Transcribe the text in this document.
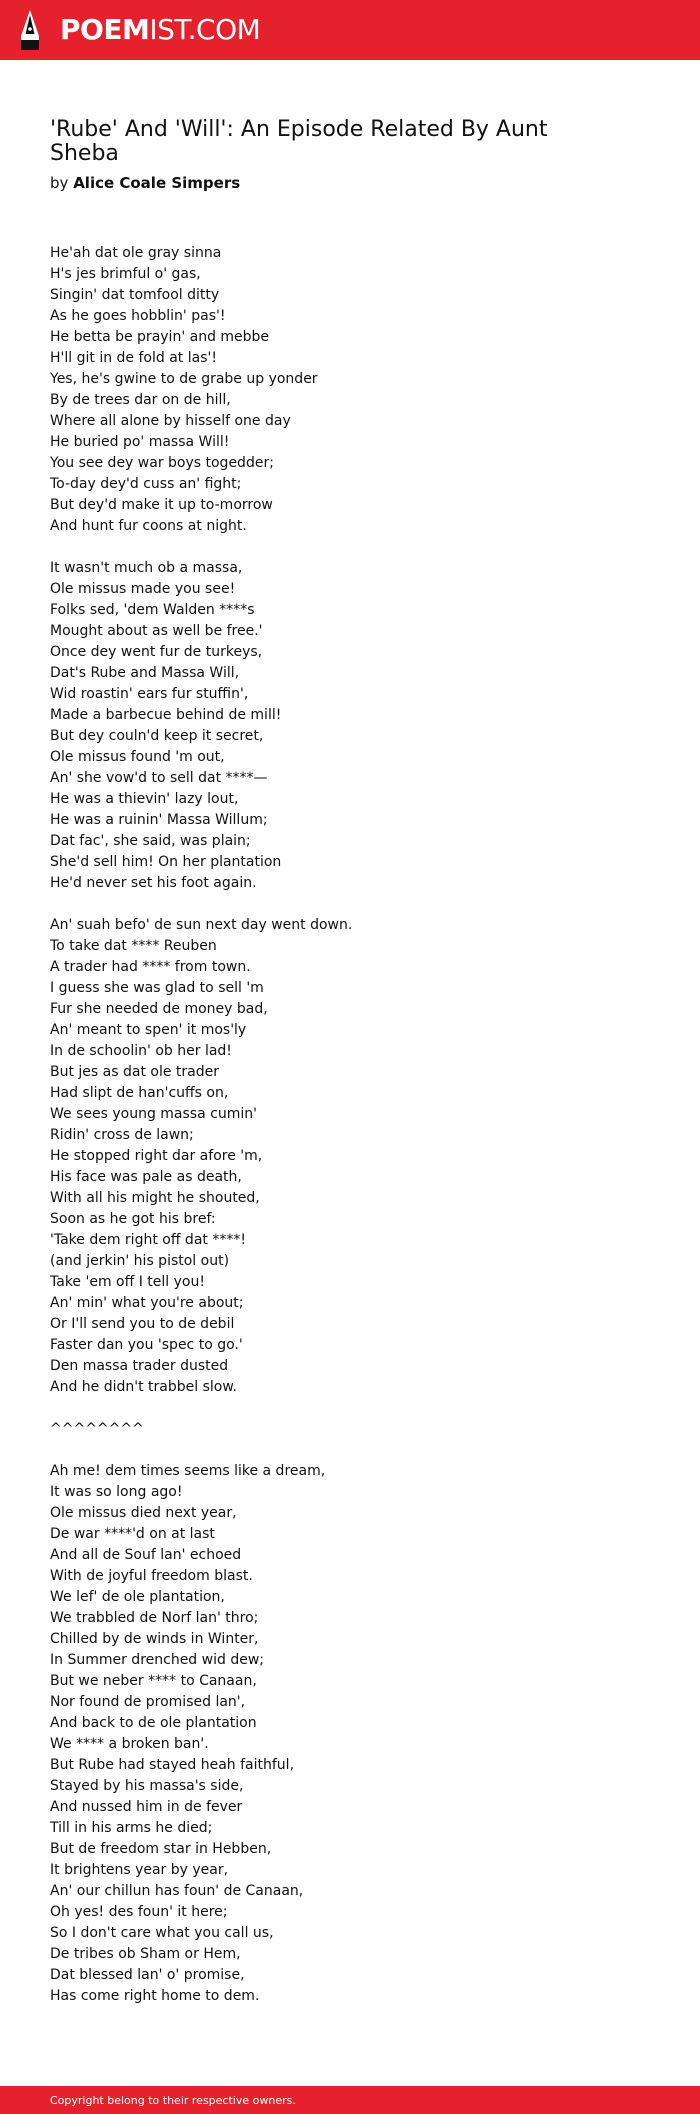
POEMIST.COM
'Rube' And 'Will': An Episode Related By Aunt Sheba
by Alice Coale Simpers
He'ah dat ole gray sinna
H's jes brimful o' gas,
Singin' dat tomfool ditty
As he goes hobblin' pas'!
He betta be prayin' and mebbe
H'll git in de fold at las'!
Yes, he's gwine to de grabe up yonder
By de trees dar on de hill,
Where all alone by hisself one day
He buried po' massa Will!
You see dey war boys togedder;
To-day dey'd cuss an' fight;
But dey'd make it up to-morrow
And hunt fur coons at night.
It wasn't much ob a massa,
Ole missus made you see!
Folks sed, 'dem Walden ****s
Mought about as well be free.'
Once dey went fur de turkeys,
Dat's Rube and Massa Will,
Wid roastin' ears fur stuffin',
Made a barbecue behind de mill!
But dey couln'd keep it secret,
Ole missus found 'm out,
An' she vow'd to sell dat ****—
He was a thievin' lazy lout,
He was a ruinin' Massa Willum;
Dat fac', she said, was plain;
She'd sell him! On her plantation
He'd never set his foot again.
An' suah befo' de sun next day went down.
To take dat **** Reuben
A trader had **** from town.
I guess she was glad to sell 'm
Fur she needed de money bad,
An' meant to spen' it mos'ly
In de schoolin' ob her lad!
But jes as dat ole trader
Had slipt de han'cuffs on,
We sees young massa cumin'
Ridin' cross de lawn;
He stopped right dar afore 'm,
His face was pale as death,
With all his might he shouted,
Soon as he got his bref:
'Take dem right off dat ****!
(and jerkin' his pistol out)
Take 'em off I tell you!
An' min' what you're about;
Or I'll send you to de debil
Faster dan you 'spec to go.'
Den massa trader dusted
And he didn't trabbel slow.
^^^^^^^^
Ah me! dem times seems like a dream,
It was so long ago!
Ole missus died next year,
De war ****'d on at last
And all de Souf lan' echoed
With de joyful freedom blast.
We lef' de ole plantation,
We trabbled de Norf lan' thro;
Chilled by de winds in Winter,
In Summer drenched wid dew;
But we neber **** to Canaan,
Nor found de promised lan',
And back to de ole plantation
We **** a broken ban'.
But Rube had stayed heah faithful,
Stayed by his massa's side,
And nussed him in de fever
Till in his arms he died;
But de freedom star in Hebben,
It brightens year by year,
An' our chillun has foun' de Canaan,
Oh yes! des foun' it here;
So I don't care what you call us,
De tribes ob Sham or Hem,
Dat blessed lan' o' promise,
Has come right home to dem.
Copyright belong to their respective owners.
